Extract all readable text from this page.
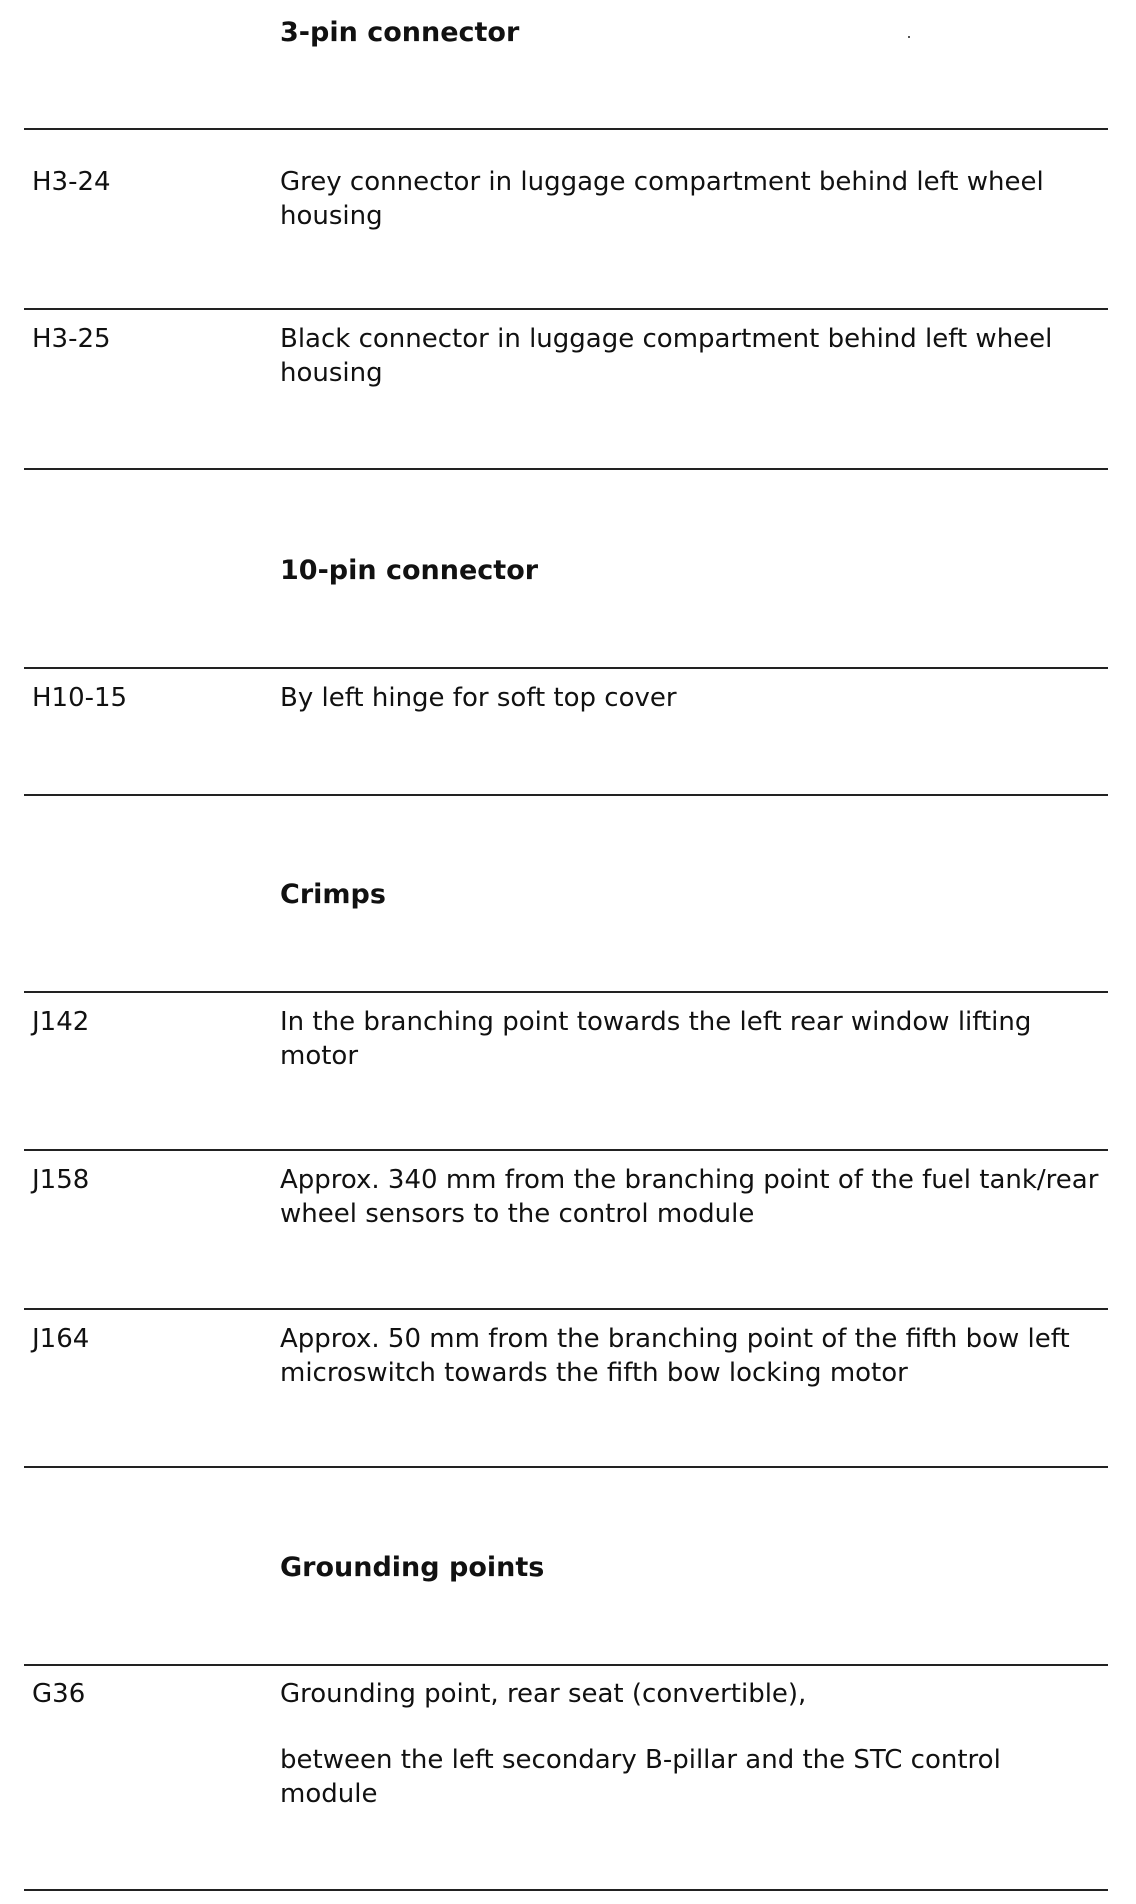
3-pin connector
H3-24	Grey connector in luggage compartment behind left wheel housing

H3-25	Black connector in luggage compartment behind left wheel housing

10-pin connector
H10-15	By left hinge for soft top cover

Crimps
J142	In the branching point towards the left rear window lifting motor

J158	Approx. 340 mm from the branching point of the fuel tank/rear wheel sensors to the control module

J164	Approx. 50 mm from the branching point of the fifth bow left microswitch towards the fifth bow locking motor

Grounding points
G36	Grounding point, rear seat (convertible),

between the left secondary B-pillar and the STC control module
